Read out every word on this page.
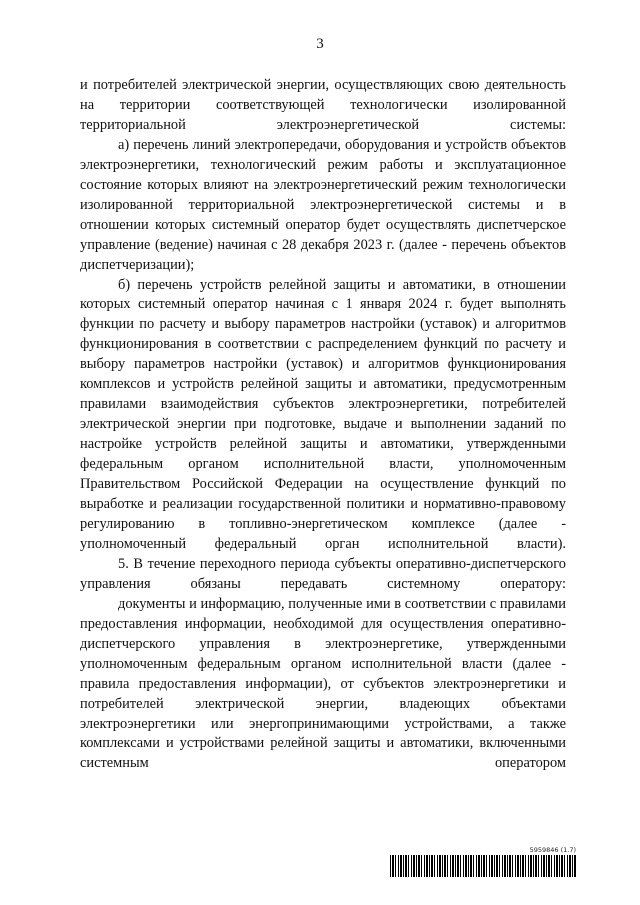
3

и потребителей электрической энергии, осуществляющих свою деятельность на территории соответствующей технологически изолированной территориальной электроэнергетической системы:

а) перечень линий электропередачи, оборудования и устройств объектов электроэнергетики, технологический режим работы и эксплуатационное состояние которых влияют на электроэнергетический режим технологически изолированной территориальной электроэнергетической системы и в отношении которых системный оператор будет осуществлять диспетчерское управление (ведение) начиная с 28 декабря 2023 г. (далее - перечень объектов диспетчеризации);

б) перечень устройств релейной защиты и автоматики, в отношении которых системный оператор начиная с 1 января 2024 г. будет выполнять функции по расчету и выбору параметров настройки (уставок) и алгоритмов функционирования в соответствии с распределением функций по расчету и выбору параметров настройки (уставок) и алгоритмов функционирования комплексов и устройств релейной защиты и автоматики, предусмотренным правилами взаимодействия субъектов электроэнергетики, потребителей электрической энергии при подготовке, выдаче и выполнении заданий по настройке устройств релейной защиты и автоматики, утвержденными федеральным органом исполнительной власти, уполномоченным Правительством Российской Федерации на осуществление функций по выработке и реализации государственной политики и нормативно-правовому регулированию в топливно-энергетическом комплексе (далее - уполномоченный федеральный орган исполнительной власти).

5. В течение переходного периода субъекты оперативно-диспетчерского управления обязаны передавать системному оператору:

документы и информацию, полученные ими в соответствии с правилами предоставления информации, необходимой для осуществления оперативно-диспетчерского управления в электроэнергетике, утвержденными уполномоченным федеральным органом исполнительной власти (далее - правила предоставления информации), от субъектов электроэнергетики и потребителей электрической энергии, владеющих объектами электроэнергетики или энергопринимающими устройствами, а также комплексами и устройствами релейной защиты и автоматики, включенными системным оператором

5959846 (1.7)
